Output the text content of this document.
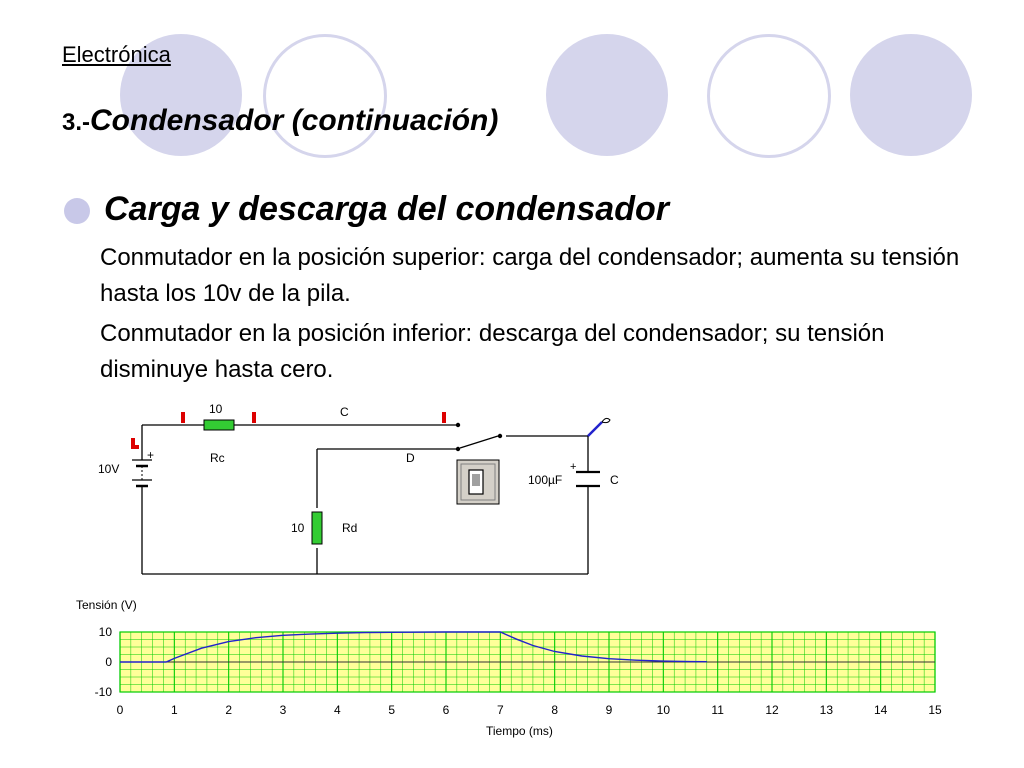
Electrónica
3.-Condensador (continuación)
Carga y descarga del condensador

Conmutador en la posición superior: carga del condensador; aumenta su tensión hasta los 10v de la pila.

Conmutador en la posición inferior: descarga del condensador; su tensión disminuye hasta cero.

10
Rc
C
D
+
10V
10	Rd
+
100µF	C
Tensión (V)
10
0
-10
0	1	2	3	4	5	6	7	8	9	10	11	12	13	14	15
Tiempo (ms)
